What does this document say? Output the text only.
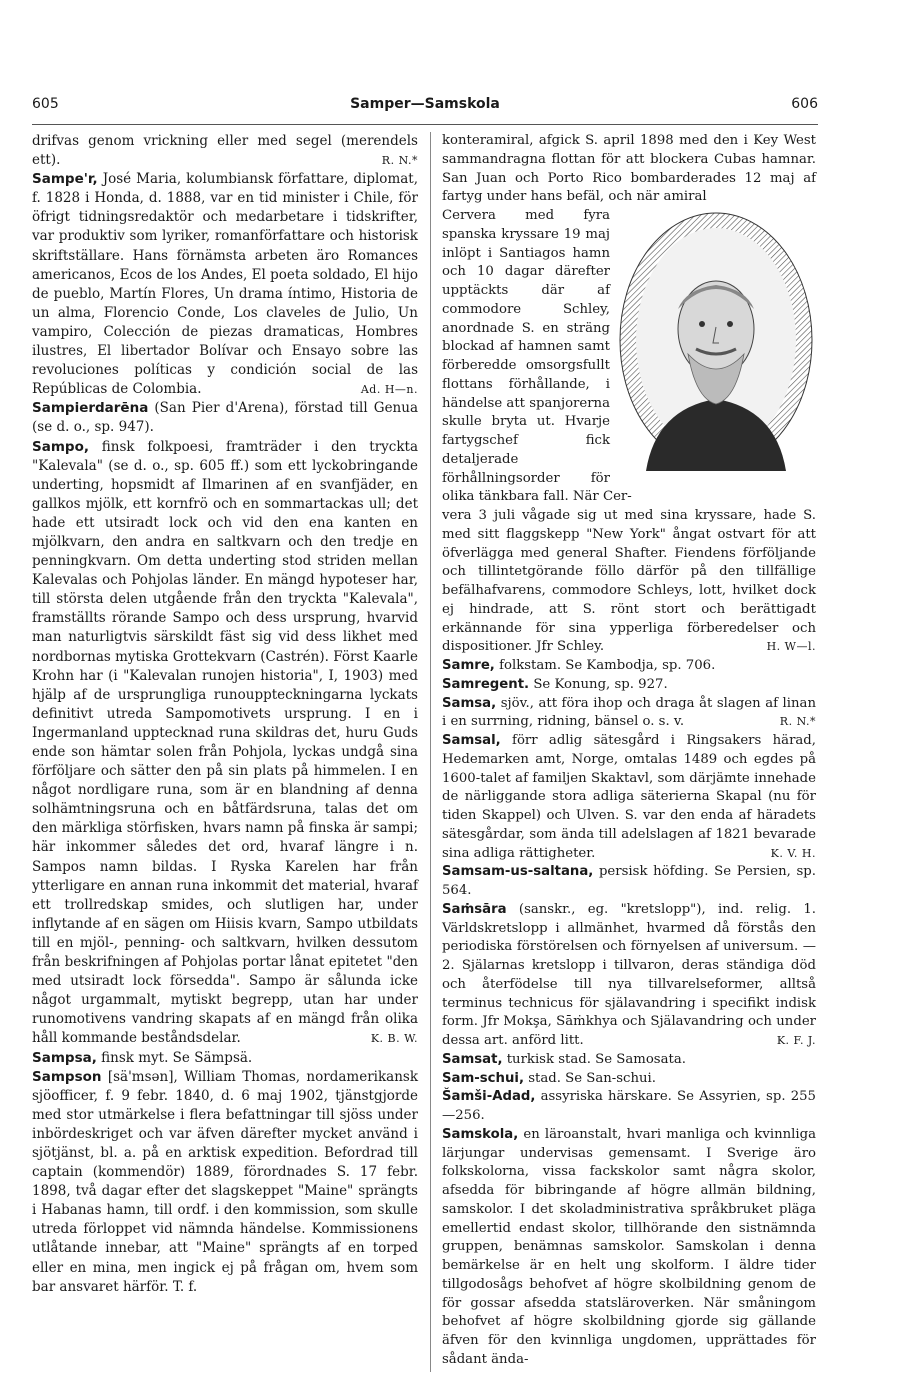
605	Samper—Samskola	606

drifvas genom vrickning eller med segel (merendels ett).	R. N.*

Sampe'r, José Maria, kolumbiansk författare, diplomat, f. 1828 i Honda, d. 1888, var en tid minister i Chile, för öfrigt tidningsredaktör och medarbetare i tidskrifter, var produktiv som lyriker, romanförfattare och historisk skriftställare. Hans förnämsta arbeten äro Romances americanos, Ecos de los Andes, El poeta soldado, El hijo de pueblo, Martín Flores, Un drama íntimo, Historia de un alma, Florencio Conde, Los claveles de Julio, Un vampiro, Colección de piezas dramaticas, Hombres ilustres, El libertador Bolívar och Ensayo sobre las revoluciones políticas y condición social de las Repúblicas de Colombia.	Ad. H—n.

Sampierdarēna (San Pier d'Arena), förstad till Genua (se d. o., sp. 947).

Sampo, finsk folkpoesi, framträder i den tryckta "Kalevala" (se d. o., sp. 605 ff.) som ett lyckobringande underting, hopsmidt af Ilmarinen af en svanfjäder, en gallkos mjölk, ett kornfrö och en sommartackas ull; det hade ett utsiradt lock och vid den ena kanten en mjölkvarn, den andra en saltkvarn och den tredje en penningkvarn. Om detta underting stod striden mellan Kalevalas och Pohjolas länder. En mängd hypoteser har, till största delen utgående från den tryckta "Kalevala", framställts rörande Sampo och dess ursprung, hvarvid man naturligtvis särskildt fäst sig vid dess likhet med nordbornas mytiska Grottekvarn (Castrén). Först Kaarle Krohn har (i "Kalevalan runojen historia", I, 1903) med hjälp af de ursprungliga runouppteckningarna lyckats definitivt utreda Sampomotivets ursprung. I en i Ingermanland upptecknad runa skildras det, huru Guds ende son hämtar solen från Pohjola, lyckas undgå sina förföljare och sätter den på sin plats på himmelen. I en något nordligare runa, som är en blandning af denna solhämtningsruna och en båtfärdsruna, talas det om den märkliga störfisken, hvars namn på finska är sampi; här inkommer således det ord, hvaraf längre i n. Sampos namn bildas. I Ryska Karelen har från ytterligare en annan runa inkommit det material, hvaraf ett trollredskap smides, och slutligen har, under inflytande af en sägen om Hiisis kvarn, Sampo utbildats till en mjöl-, penning- och saltkvarn, hvilken dessutom från beskrifningen af Pohjolas portar lånat epitetet "den med utsiradt lock försedda". Sampo är sålunda icke något urgammalt, mytiskt begrepp, utan har under runomotivens vandring skapats af en mängd från olika håll kommande beståndsdelar.	K. B. W.

Sampsa, finsk myt. Se Sämpsä.

Sampson [sä'msən], William Thomas, nordamerikansk sjöofficer, f. 9 febr. 1840, d. 6 maj 1902, tjänstgjorde med stor utmärkelse i flera befattningar till sjöss under inbördeskriget och var äfven därefter mycket använd i sjötjänst, bl. a. på en arktisk expedition. Befordrad till captain (kommendör) 1889, förordnades S. 17 febr. 1898, två dagar efter det slagskeppet "Maine" sprängts i Habanas hamn, till ordf. i den kommission, som skulle utreda förloppet vid nämnda händelse. Kommissionens utlåtande innebar, att "Maine" sprängts af en torped eller en mina, men ingick ej på frågan om, hvem som bar ansvaret härför. T. f.

konteramiral, afgick S. april 1898 med den i Key West sammandragna flottan för att blockera Cubas hamnar. San Juan och Porto Rico bombarderades 12 maj af fartyg under hans befäl, och när amiral

Cervera med fyra spanska kryssare 19 maj inlöpt i Santiagos hamn och 10 dagar därefter upptäckts där af commodore Schley, anordnade S. en sträng blockad af hamnen samt förberedde omsorgsfullt flottans förhållande, i händelse att spanjorerna skulle bryta ut. Hvarje fartygschef fick detaljerade förhållningsorder för olika tänkbara fall. När Cer-

vera 3 juli vågade sig ut med sina kryssare, hade S. med sitt flaggskepp "New York" ångat ostvart för att öfverlägga med general Shafter. Fiendens förföljande och tillintetgörande föllo därför på den tillfällige befälhafvarens, commodore Schleys, lott, hvilket dock ej hindrade, att S. rönt stort och berättigadt erkännande för sina ypperliga förberedelser och dispositioner. Jfr Schley.	H. W—l.

Samre, folkstam. Se Kambodja, sp. 706.

Samregent. Se Konung, sp. 927.

Samsa, sjöv., att föra ihop och draga åt slagen af linan i en surrning, ridning, bänsel o. s. v.	R. N.*

Samsal, förr adlig sätesgård i Ringsakers härad, Hedemarken amt, Norge, omtalas 1489 och egdes på 1600-talet af familjen Skaktavl, som därjämte innehade de närliggande stora adliga säterierna Skapal (nu för tiden Skappel) och Ulven. S. var den enda af häradets sätesgårdar, som ända till adelslagen af 1821 bevarade sina adliga rättigheter.	K. V. H.

Samsam-us-saltana, persisk höfding. Se Persien, sp. 564.

Saṁsāra (sanskr., eg. "kretslopp"), ind. relig. 1. Världskretslopp i allmänhet, hvarmed då förstås den periodiska förstörelsen och förnyelsen af universum. — 2. Själarnas kretslopp i tillvaron, deras ständiga död och återfödelse till nya tillvarelseformer, alltså terminus technicus för själavandring i specifikt indisk form. Jfr Mokşa, Sāṁkhya och Själavandring och under dessa art. anförd litt.	K. F. J.

Samsat, turkisk stad. Se Samosata.

Sam-schui, stad. Se San-schui.

Šamši-Adad, assyriska härskare. Se Assyrien, sp. 255—256.

Samskola, en läroanstalt, hvari manliga och kvinnliga lärjungar undervisas gemensamt. I Sverige äro folkskolorna, vissa fackskolor samt några skolor, afsedda för bibringande af högre allmän bildning, samskolor. I det skoladministrativa språkbruket pläga emellertid endast skolor, tillhörande den sistnämnda gruppen, benämnas samskolor. Samskolan i denna bemärkelse är en helt ung skolform. I äldre tider tillgodosågs behofvet af högre skolbildning genom de för gossar afsedda statsläroverken. När småningom behofvet af högre skolbildning gjorde sig gällande äfven för den kvinnliga ungdomen, upprättades för sådant ända-
